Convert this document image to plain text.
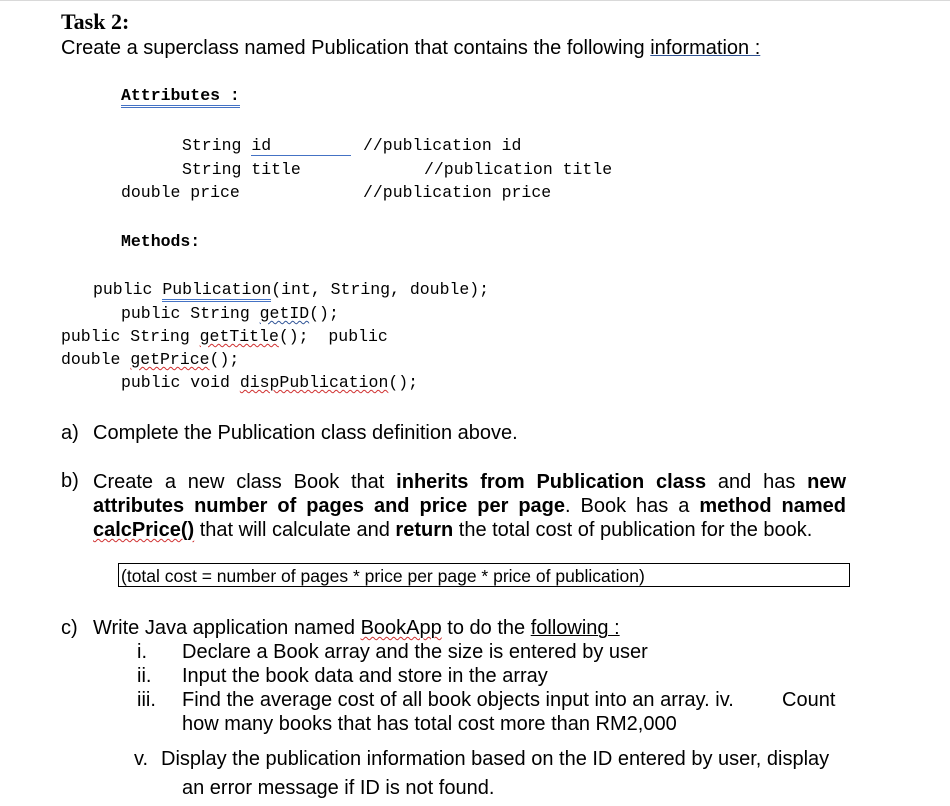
Task 2:
Create a superclass named Publication that contains the following information :
Attributes :
String id	//publication id
String title	//publication title
double price	//publication price
Methods:
public Publication(int, String, double);
public String getID();
public String getTitle(); public
double getPrice();
public void dispPublication();
a) Complete the Publication class definition above.
b) Create a new class Book that inherits from Publication class and has new attributes number of pages and price per page. Book has a method named calcPrice() that will calculate and return the total cost of publication for the book.
(total cost = number of pages * price per page * price of publication)
c) Write Java application named BookApp to do the following :
i. Declare a Book array and the size is entered by user
ii. Input the book data and store in the array
iii. Find the average cost of all book objects input into an array. iv. Count
how many books that has total cost more than RM2,000
v. Display the publication information based on the ID entered by user, display
an error message if ID is not found.
